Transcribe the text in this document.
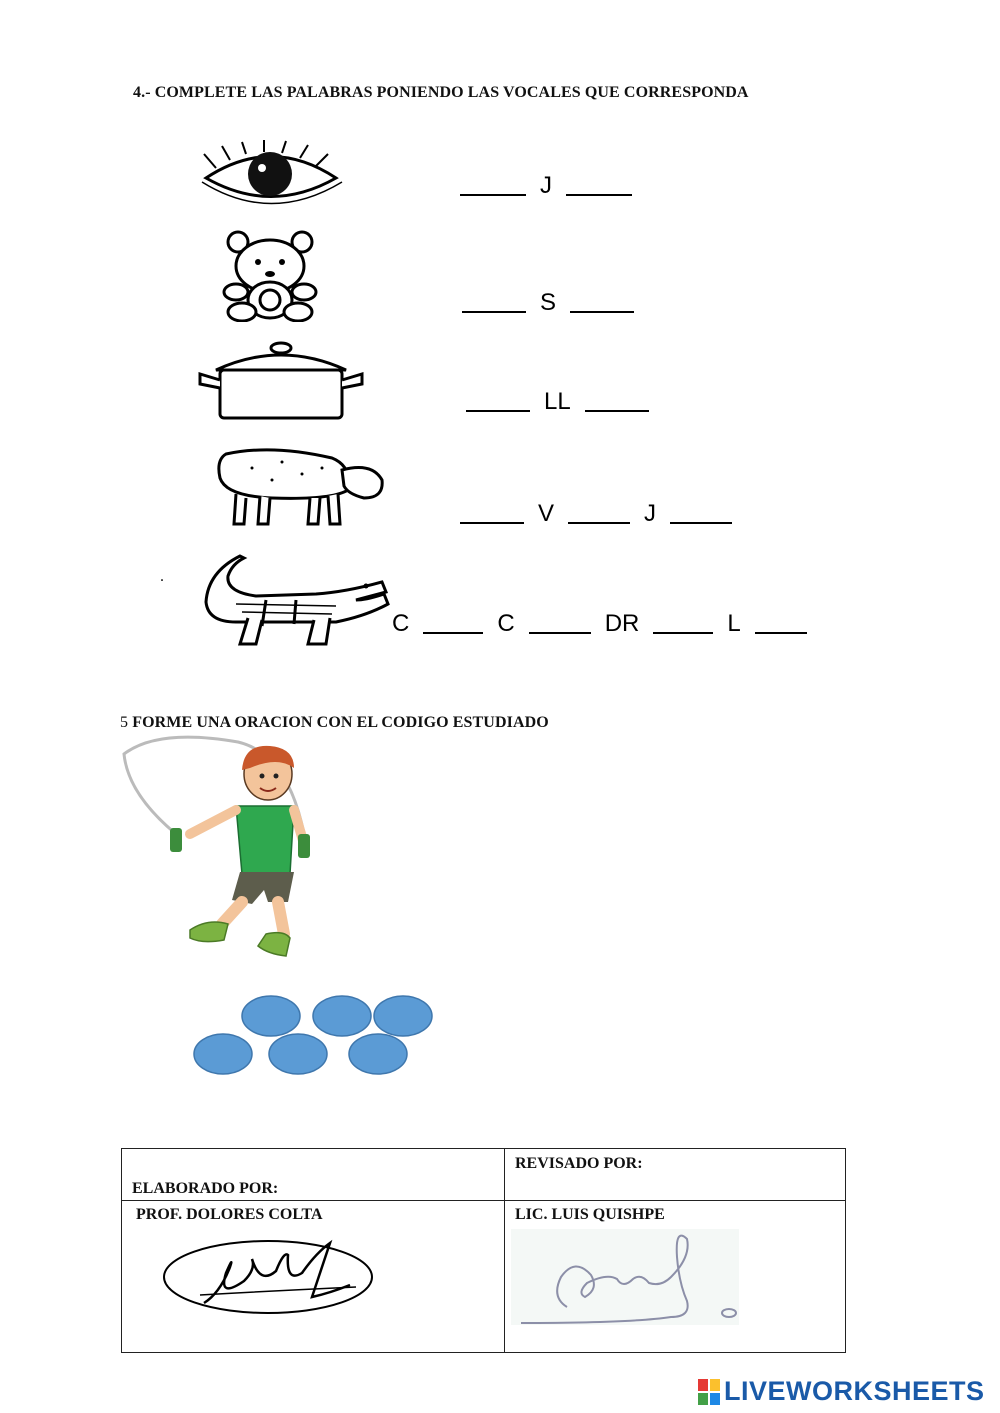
4.- COMPLETE LAS PALABRAS PONIENDO LAS VOCALES QUE CORRESPONDA
J
S
LL
V	J
.
C	C	DR	L
5 FORME UNA ORACION CON EL CODIGO ESTUDIADO
ELABORADO POR:	REVISADO POR:

PROF. DOLORES COLTA	LIC. LUIS QUISHPE
LIVEWORKSHEETS
